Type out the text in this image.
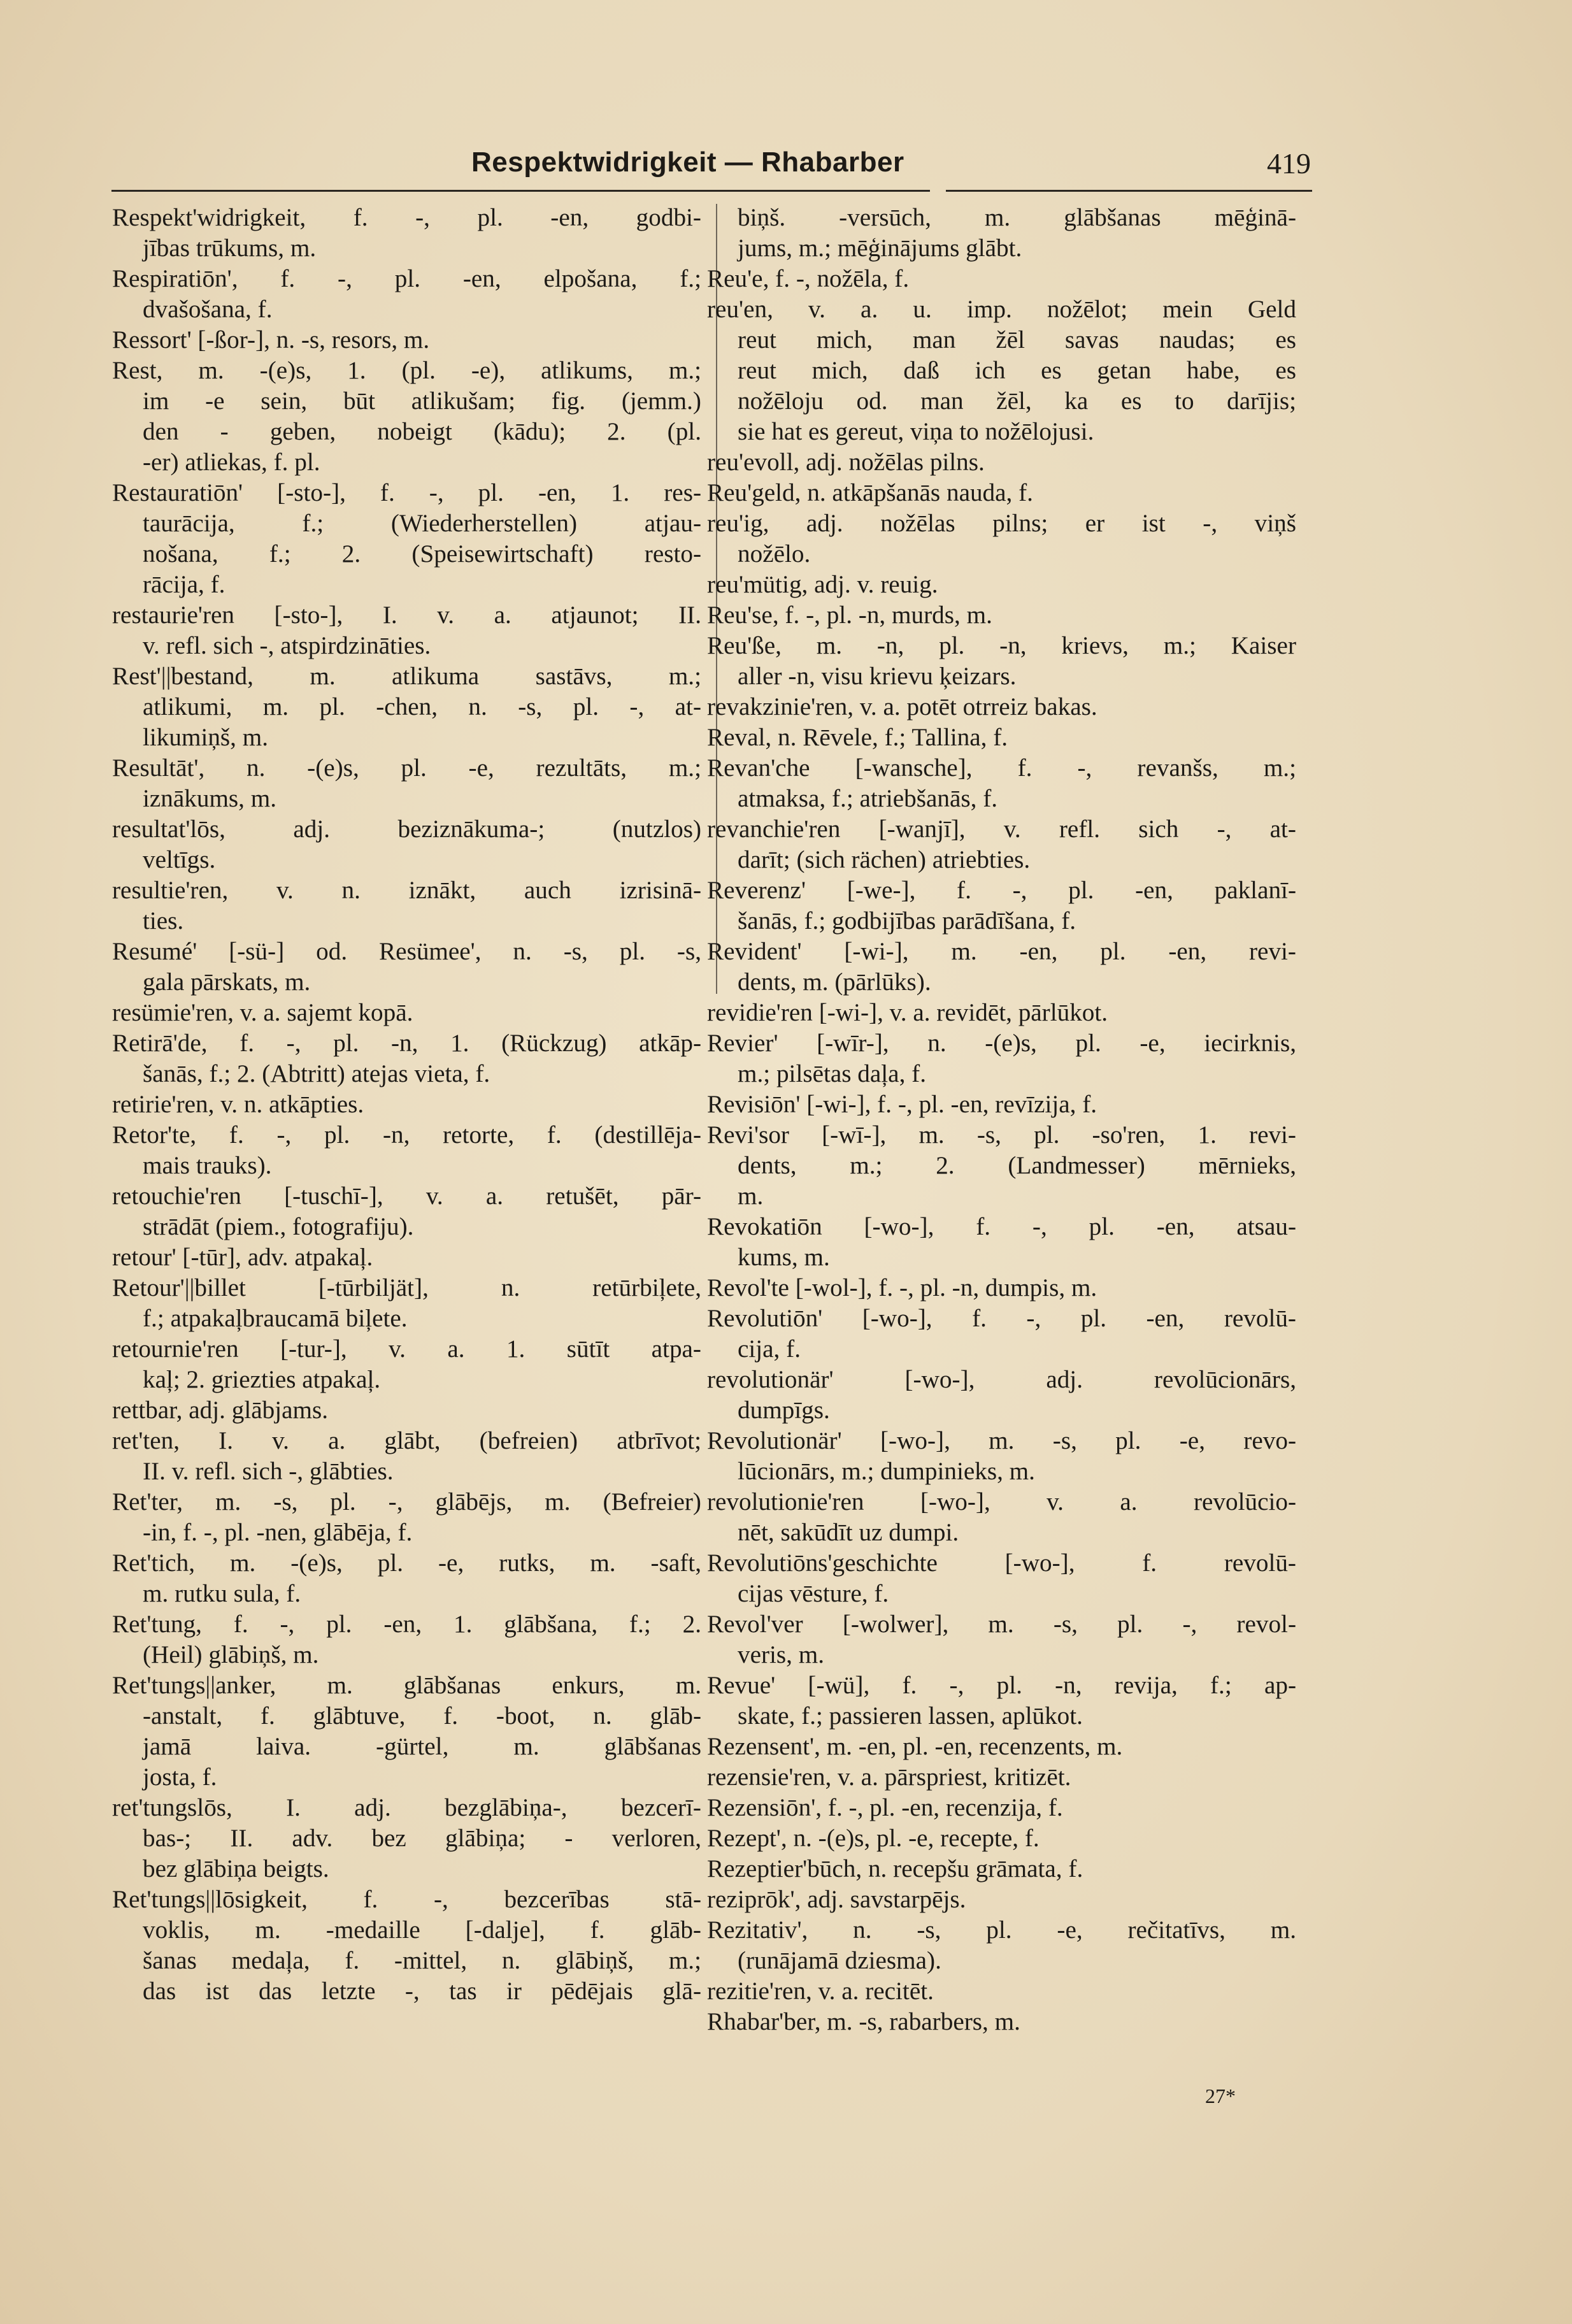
Respektwidrigkeit — Rhabarber	419
Respekt'widrigkeit, f. -, pl. -en, godbi-
jības trūkums, m.
Respiratiōn', f. -, pl. -en, elpošana, f.;
dvašošana, f.
Ressort' [-ßor-], n. -s, resors, m.
Rest, m. -(e)s, 1. (pl. -e), atlikums, m.;
im -e sein, būt atlikušam; fig. (jemm.)
den - geben, nobeigt (kādu); 2. (pl.
-er) atliekas, f. pl.
Restauratiōn' [-sto-], f. -, pl. -en, 1. res-
taurācija, f.; (Wiederherstellen) atjau-
nošana, f.; 2. (Speisewirtschaft) resto-
rācija, f.
restaurie'ren [-sto-], I. v. a. atjaunot; II.
v. refl. sich -, atspirdzināties.
Rest'||bestand, m. atlikuma sastāvs, m.;
atlikumi, m. pl. -chen, n. -s, pl. -, at-
likumiņš, m.
Resultāt', n. -(e)s, pl. -e, rezultāts, m.;
iznākums, m.
resultat'lōs, adj. beziznākuma-; (nutzlos)
veltīgs.
resultie'ren, v. n. iznākt, auch izrisinā-
ties.
Resumé' [-sü-] od. Resümee', n. -s, pl. -s,
gala pārskats, m.
resümie'ren, v. a. sajemt kopā.
Retirā'de, f. -, pl. -n, 1. (Rückzug) atkāp-
šanās, f.; 2. (Abtritt) atejas vieta, f.
retirie'ren, v. n. atkāpties.
Retor'te, f. -, pl. -n, retorte, f. (destillēja-
mais trauks).
retouchie'ren [-tuschī-], v. a. retušēt, pār-
strādāt (piem., fotografiju).
retour' [-tūr], adv. atpakaļ.
Retour'||billet [-tūrbiljät], n. retūrbiļete,
f.; atpakaļbraucamā biļete.
retournie'ren [-tur-], v. a. 1. sūtīt atpa-
kaļ; 2. griezties atpakaļ.
rettbar, adj. glābjams.
ret'ten, I. v. a. glābt, (befreien) atbrīvot;
II. v. refl. sich -, glābties.
Ret'ter, m. -s, pl. -, glābējs, m. (Befreier)
-in, f. -, pl. -nen, glābēja, f.
Ret'tich, m. -(e)s, pl. -e, rutks, m. -saft,
m. rutku sula, f.
Ret'tung, f. -, pl. -en, 1. glābšana, f.; 2.
(Heil) glābiņš, m.
Ret'tungs||anker, m. glābšanas enkurs, m.
-anstalt, f. glābtuve, f. -boot, n. glāb-
jamā laiva. -gürtel, m. glābšanas
josta, f.
ret'tungslōs, I. adj. bezglābiņa-, bezcerī-
bas-; II. adv. bez glābiņa; - verloren,
bez glābiņa beigts.
Ret'tungs||lōsigkeit, f. -, bezcerības stā-
voklis, m. -medaille [-dalje], f. glāb-
šanas medaļa, f. -mittel, n. glābiņš, m.;
das ist das letzte -, tas ir pēdējais glā-
biņš. -versūch, m. glābšanas mēģinā-
jums, m.; mēģinājums glābt.
Reu'e, f. -, nožēla, f.
reu'en, v. a. u. imp. nožēlot; mein Geld
reut mich, man žēl savas naudas; es
reut mich, daß ich es getan habe, es
nožēloju od. man žēl, ka es to darījis;
sie hat es gereut, viņa to nožēlojusi.
reu'evoll, adj. nožēlas pilns.
Reu'geld, n. atkāpšanās nauda, f.
reu'ig, adj. nožēlas pilns; er ist -, viņš
nožēlo.
reu'mütig, adj. v. reuig.
Reu'se, f. -, pl. -n, murds, m.
Reu'ße, m. -n, pl. -n, krievs, m.; Kaiser
aller -n, visu krievu ķeizars.
revakzinie'ren, v. a. potēt otrreiz bakas.
Reval, n. Rēvele, f.; Tallina, f.
Revan'che [-wansche], f. -, revanšs, m.;
atmaksa, f.; atriebšanās, f.
revanchie'ren [-wanjī], v. refl. sich -, at-
darīt; (sich rächen) atriebties.
Reverenz' [-we-], f. -, pl. -en, paklanī-
šanās, f.; godbijības parādīšana, f.
Revident' [-wi-], m. -en, pl. -en, revi-
dents, m. (pārlūks).
revidie'ren [-wi-], v. a. revidēt, pārlūkot.
Revier' [-wīr-], n. -(e)s, pl. -e, iecirknis,
m.; pilsētas daļa, f.
Revisiōn' [-wi-], f. -, pl. -en, revīzija, f.
Revi'sor [-wī-], m. -s, pl. -so'ren, 1. revi-
dents, m.; 2. (Landmesser) mērnieks,
m.
Revokatiōn [-wo-], f. -, pl. -en, atsau-
kums, m.
Revol'te [-wol-], f. -, pl. -n, dumpis, m.
Revolutiōn' [-wo-], f. -, pl. -en, revolū-
cija, f.
revolutionär' [-wo-], adj. revolūcionārs,
dumpīgs.
Revolutionär' [-wo-], m. -s, pl. -e, revo-
lūcionārs, m.; dumpinieks, m.
revolutionie'ren [-wo-], v. a. revolūcio-
nēt, sakūdīt uz dumpi.
Revolutiōns'geschichte [-wo-], f. revolū-
cijas vēsture, f.
Revol'ver [-wolwer], m. -s, pl. -, revol-
veris, m.
Revue' [-wü], f. -, pl. -n, revija, f.; ap-
skate, f.; passieren lassen, aplūkot.
Rezensent', m. -en, pl. -en, recenzents, m.
rezensie'ren, v. a. pārspriest, kritizēt.
Rezensiōn', f. -, pl. -en, recenzija, f.
Rezept', n. -(e)s, pl. -e, recepte, f.
Rezeptier'būch, n. recepšu grāmata, f.
reziprōk', adj. savstarpējs.
Rezitativ', n. -s, pl. -e, rečitatīvs, m.
(runājamā dziesma).
rezitie'ren, v. a. recitēt.
Rhabar'ber, m. -s, rabarbers, m.
27*
